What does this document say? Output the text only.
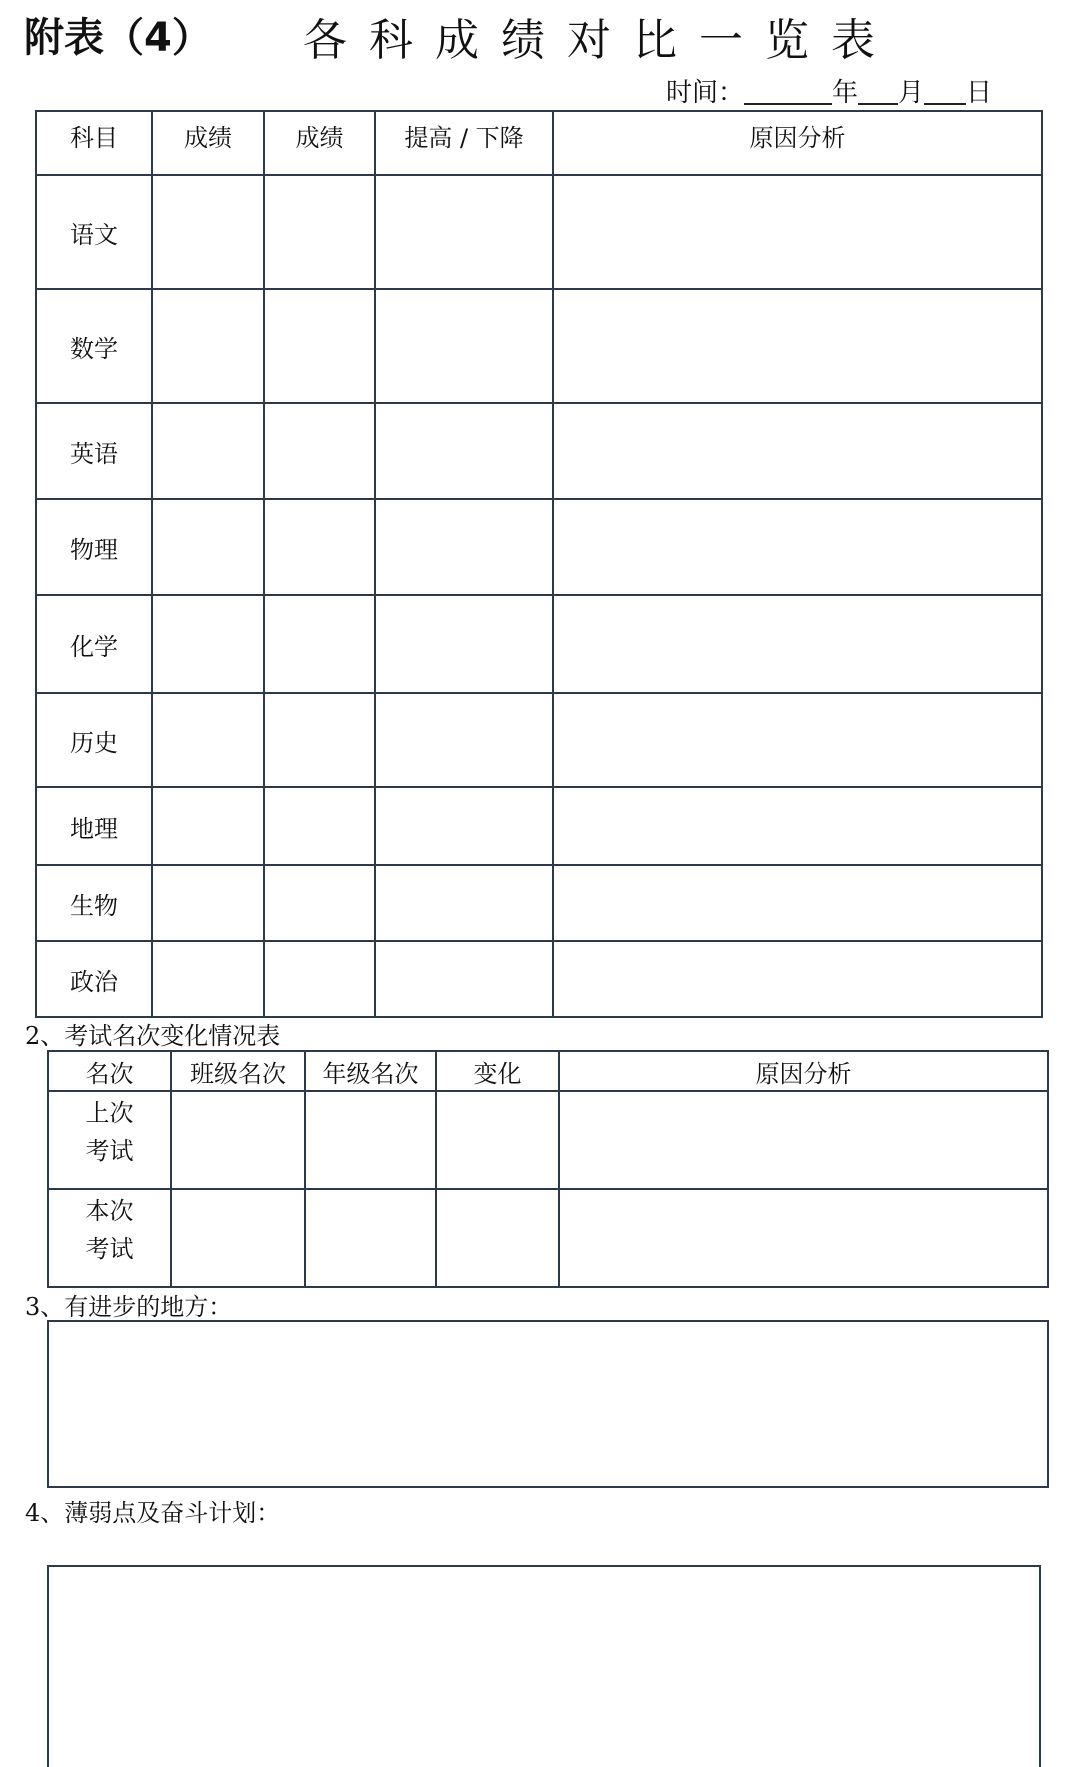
附表（4） 各科成绩对比一览表
时间：	年 月 日
科目	成绩	成绩	提高 / 下降	原因分析
语文				
数学				
英语				
物理				
化学				
历史				
地理				
生物				
政治				
2、考试名次变化情况表
名次	班级名次	年级名次	变化	原因分析

上次
考试				

本次
考试				

3、有进步的地方：
4、薄弱点及奋斗计划：
